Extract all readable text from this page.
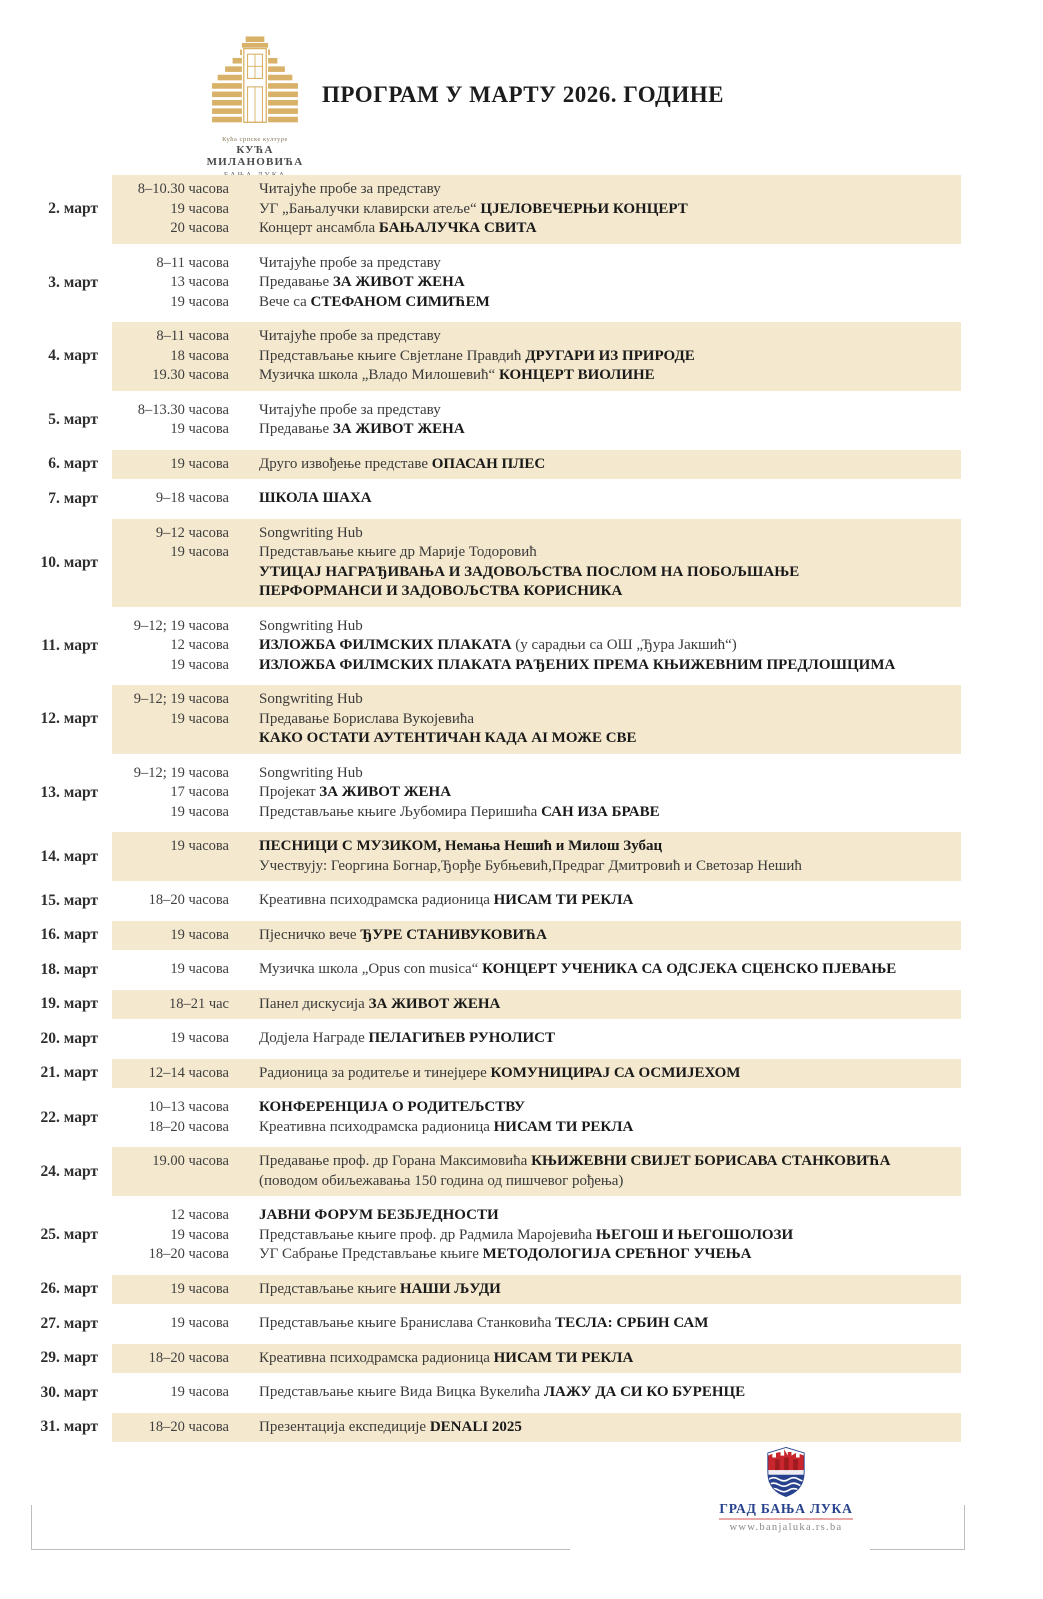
Кућа српске културе
КУЋА МИЛАНОВИЋА
ПРОГРАМ У МАРТУ 2026. ГОДИНЕ
2. март
8–10.30 часова Читајуће пробе за представу
19 часова УГ „Бањалучки клавирски атеље“ ЦЈЕЛОВЕЧЕРЊИ КОНЦЕРТ
20 часова Концерт ансамбла БАЊАЛУЧКА СВИТА
3. март
8–11 часова Читајуће пробе за представу
13 часова Предавање ЗА ЖИВОТ ЖЕНА
19 часова Вече са СТЕФАНОМ СИМИЋЕМ
4. март
8–11 часова Читајуће пробе за представу
18 часова Представљање књиге Свјетлане Правдић ДРУГАРИ ИЗ ПРИРОДЕ
19.30 часова Музичка школа „Владо Милошевић“ КОНЦЕРТ ВИОЛИНЕ
5. март
8–13.30 часова Читајуће пробе за представу
19 часова Предавање ЗА ЖИВОТ ЖЕНА
6. март	19 часова Друго извођење представе ОПАСАН ПЛЕС
7. март	9–18 часова ШКОЛА ШАХА
10. март
9–12 часова Songwriting Hub
19 часова Представљање књиге др Марије Тодоровић
УТИЦАЈ НАГРАЂИВАЊА И ЗАДОВОЉСТВА ПОСЛОМ НА ПОБОЉШАЊЕ
ПЕРФОРМАНСИ И ЗАДОВОЉСТВА КОРИСНИКА
11. март
9–12; 19 часова Songwriting Hub
12 часова ИЗЛОЖБА ФИЛМСКИХ ПЛАКАТА (у сарадњи са ОШ „Ђура Јакшић“)
19 часова ИЗЛОЖБА ФИЛМСКИХ ПЛАКАТА РАЂЕНИХ ПРЕМА КЊИЖЕВНИМ ПРЕДЛОШЦИМА
12. март
9–12; 19 часова Songwriting Hub
19 часова Предавање Борислава Вукојевића
КАКО ОСТАТИ АУТЕНТИЧАН КАДА AI МОЖЕ СВЕ
13. март
9–12; 19 часова Songwriting Hub
17 часова Пројекат ЗА ЖИВОТ ЖЕНА
19 часова Представљање књиге Љубомира Перишића САН ИЗА БРАВЕ
14. март
19 часова ПЕСНИЦИ С МУЗИКОМ, Немања Нешић и Милош Зубац
Учествују: Георгина Богнар,Ђорђе Бубњевић,Предраг Дмитровић и Светозар Нешић
15. март	18–20 часова Креативна психодрамска радионица НИСАМ ТИ РЕКЛА
16. март	19 часова Пјесничко вече ЂУРЕ СТАНИВУКОВИЋА
18. март	19 часова Музичка школа „Opus con musica“ КОНЦЕРТ УЧЕНИКА СА ОДСЈЕКА СЦЕНСКО ПЈЕВАЊЕ
19. март	18–21 час Панел дискусија ЗА ЖИВОТ ЖЕНА
20. март	19 часова Додјела Награде ПЕЛАГИЋЕВ РУНОЛИСТ
21. март	12–14 часова Радионица за родитеље и тинејџере КОМУНИЦИРАЈ СА ОСМИЈЕХОМ
22. март
10–13 часова КОНФЕРЕНЦИЈА О РОДИТЕЉСТВУ
18–20 часова Креативна психодрамска радионица НИСАМ ТИ РЕКЛА
24. март
19.00 часова Предавање проф. др Горана Максимовића КЊИЖЕВНИ СВИЈЕТ БОРИСАВА СТАНКОВИЋА
(поводом обиљежавања 150 година од пишчевог рођења)
25. март
12 часова ЈАВНИ ФОРУМ БЕЗБЈЕДНОСТИ
19 часова Представљање књиге проф. др Радмила Маројевића ЊЕГОШ И ЊЕГОШОЛОЗИ
18–20 часова УГ Сабрање Представљање књиге МЕТОДОЛОГИЈА СРЕЋНОГ УЧЕЊА
26. март	19 часова Представљање књиге НАШИ ЉУДИ
27. март	19 часова Представљање књиге Бранислава Станковића ТЕСЛА: СРБИН САМ
29. март	18–20 часова Креативна психодрамска радионица НИСАМ ТИ РЕКЛА
30. март	19 часова Представљање књиге Вида Вицка Вукелића ЛАЖУ ДА СИ КО БУРЕНЦЕ
31. март	18–20 часова Презентација експедиције DENALI 2025
ГРАД БАЊА ЛУКА
www.banjaluka.rs.ba
